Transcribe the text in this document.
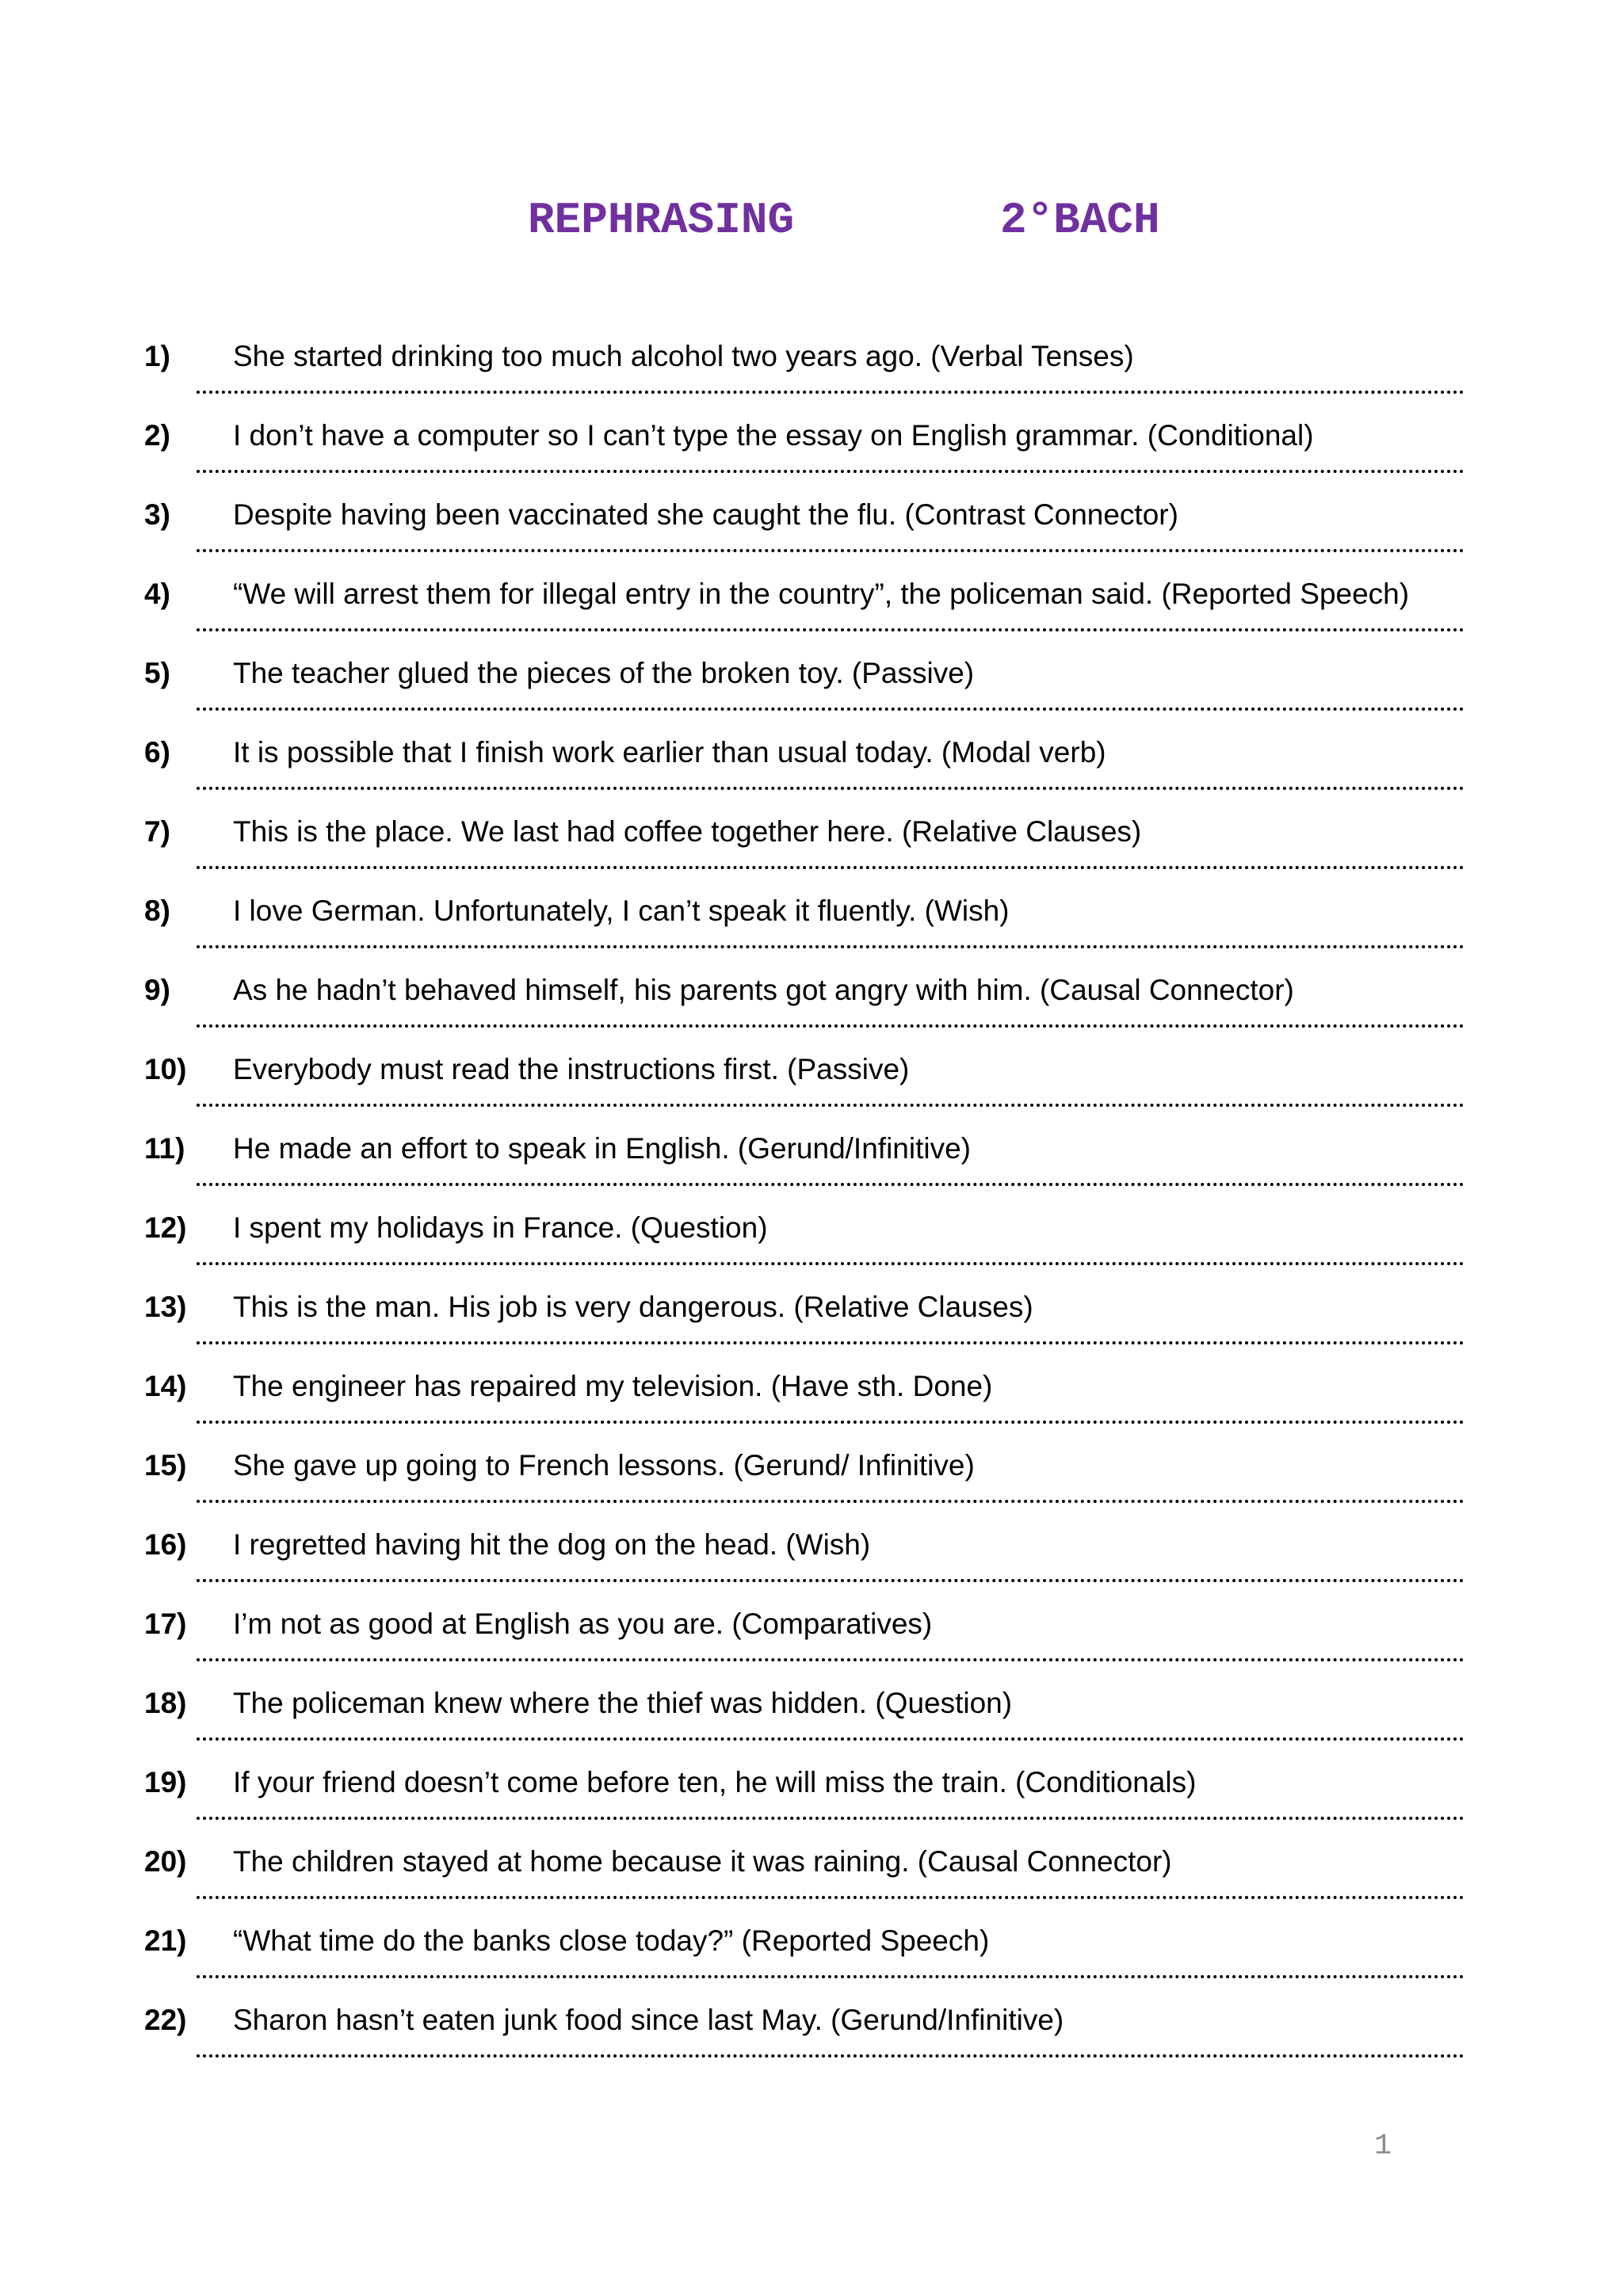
REPHRASING	2°BACH
1) She started drinking too much alcohol two years ago. (Verbal Tenses)
2) I don’t have a computer so I can’t type the essay on English grammar. (Conditional)
3) Despite having been vaccinated she caught the flu. (Contrast Connector)
4) “We will arrest them for illegal entry in the country”, the policeman said. (Reported Speech)
5) The teacher glued the pieces of the broken toy. (Passive)
6) It is possible that I finish work earlier than usual today. (Modal verb)
7) This is the place. We last had coffee together here. (Relative Clauses)
8) I love German. Unfortunately, I can’t speak it fluently. (Wish)
9) As he hadn’t behaved himself, his parents got angry with him. (Causal Connector)
10) Everybody must read the instructions first. (Passive)
11) He made an effort to speak in English. (Gerund/Infinitive)
12) I spent my holidays in France. (Question)
13) This is the man. His job is very dangerous. (Relative Clauses)
14) The engineer has repaired my television. (Have sth. Done)
15) She gave up going to French lessons. (Gerund/ Infinitive)
16) I regretted having hit the dog on the head. (Wish)
17) I’m not as good at English as you are. (Comparatives)
18) The policeman knew where the thief was hidden. (Question)
19) If your friend doesn’t come before ten, he will miss the train. (Conditionals)
20) The children stayed at home because it was raining. (Causal Connector)
21) “What time do the banks close today?” (Reported Speech)
22) Sharon hasn’t eaten junk food since last May. (Gerund/Infinitive)
1
